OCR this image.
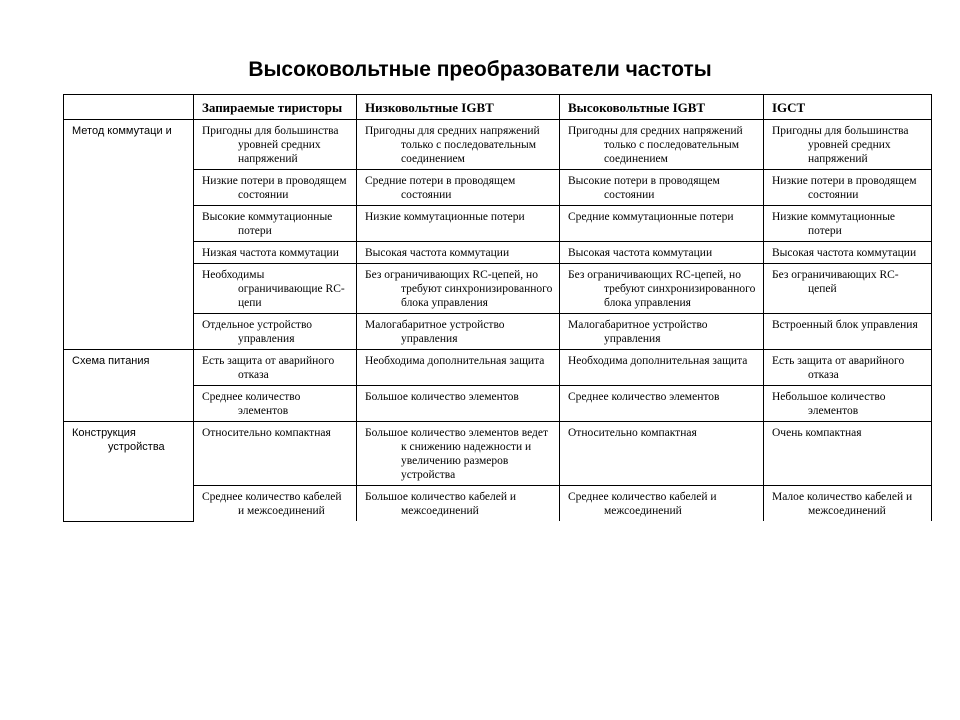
Высоковольтные преобразователи частоты

	Запираемые тиристоры	Низковольтные IGBT	Высоковольтные IGBT	IGCT

Метод коммутаци и	Пригодны для большинства уровней средних напряжений	Пригодны для средних напряжений только с последовательным соединением	Пригодны для средних напряжений только с последовательным соединением	Пригодны для большинства уровней средних напряжений

	Низкие потери в проводящем состоянии	Средние потери в проводящем состоянии	Высокие потери в проводящем состоянии	Низкие потери в проводящем состоянии

	Высокие коммутационные потери	Низкие коммутационные потери	Средние коммутационные потери	Низкие коммутационные потери

	Низкая частота коммутации	Высокая частота коммутации	Высокая частота коммутации	Высокая частота коммутации

	Необходимы ограничивающие RC-цепи	Без ограничивающих RC-цепей, но требуют синхронизированного блока управления	Без ограничивающих RC-цепей, но требуют синхронизированного блока управления	Без ограничивающих RC-цепей

	Отдельное устройство управления	Малогабаритное устройство управления	Малогабаритное устройство управления	Встроенный блок управления

Схема питания	Есть защита от аварийного отказа	Необходима дополнительная защита	Необходима дополнительная защита	Есть защита от аварийного отказа

	Среднее количество элементов	Большое количество элементов	Среднее количество элементов	Небольшое количество элементов

Конструкция устройства	Относительно компактная	Большое количество элементов ведет к снижению надежности и увеличению размеров устройства	Относительно компактная	Очень компактная

	Среднее количество кабелей и межсоединений	Большое количество кабелей и межсоединений	Среднее количество кабелей и межсоединений	Малое количество кабелей и межсоединений
